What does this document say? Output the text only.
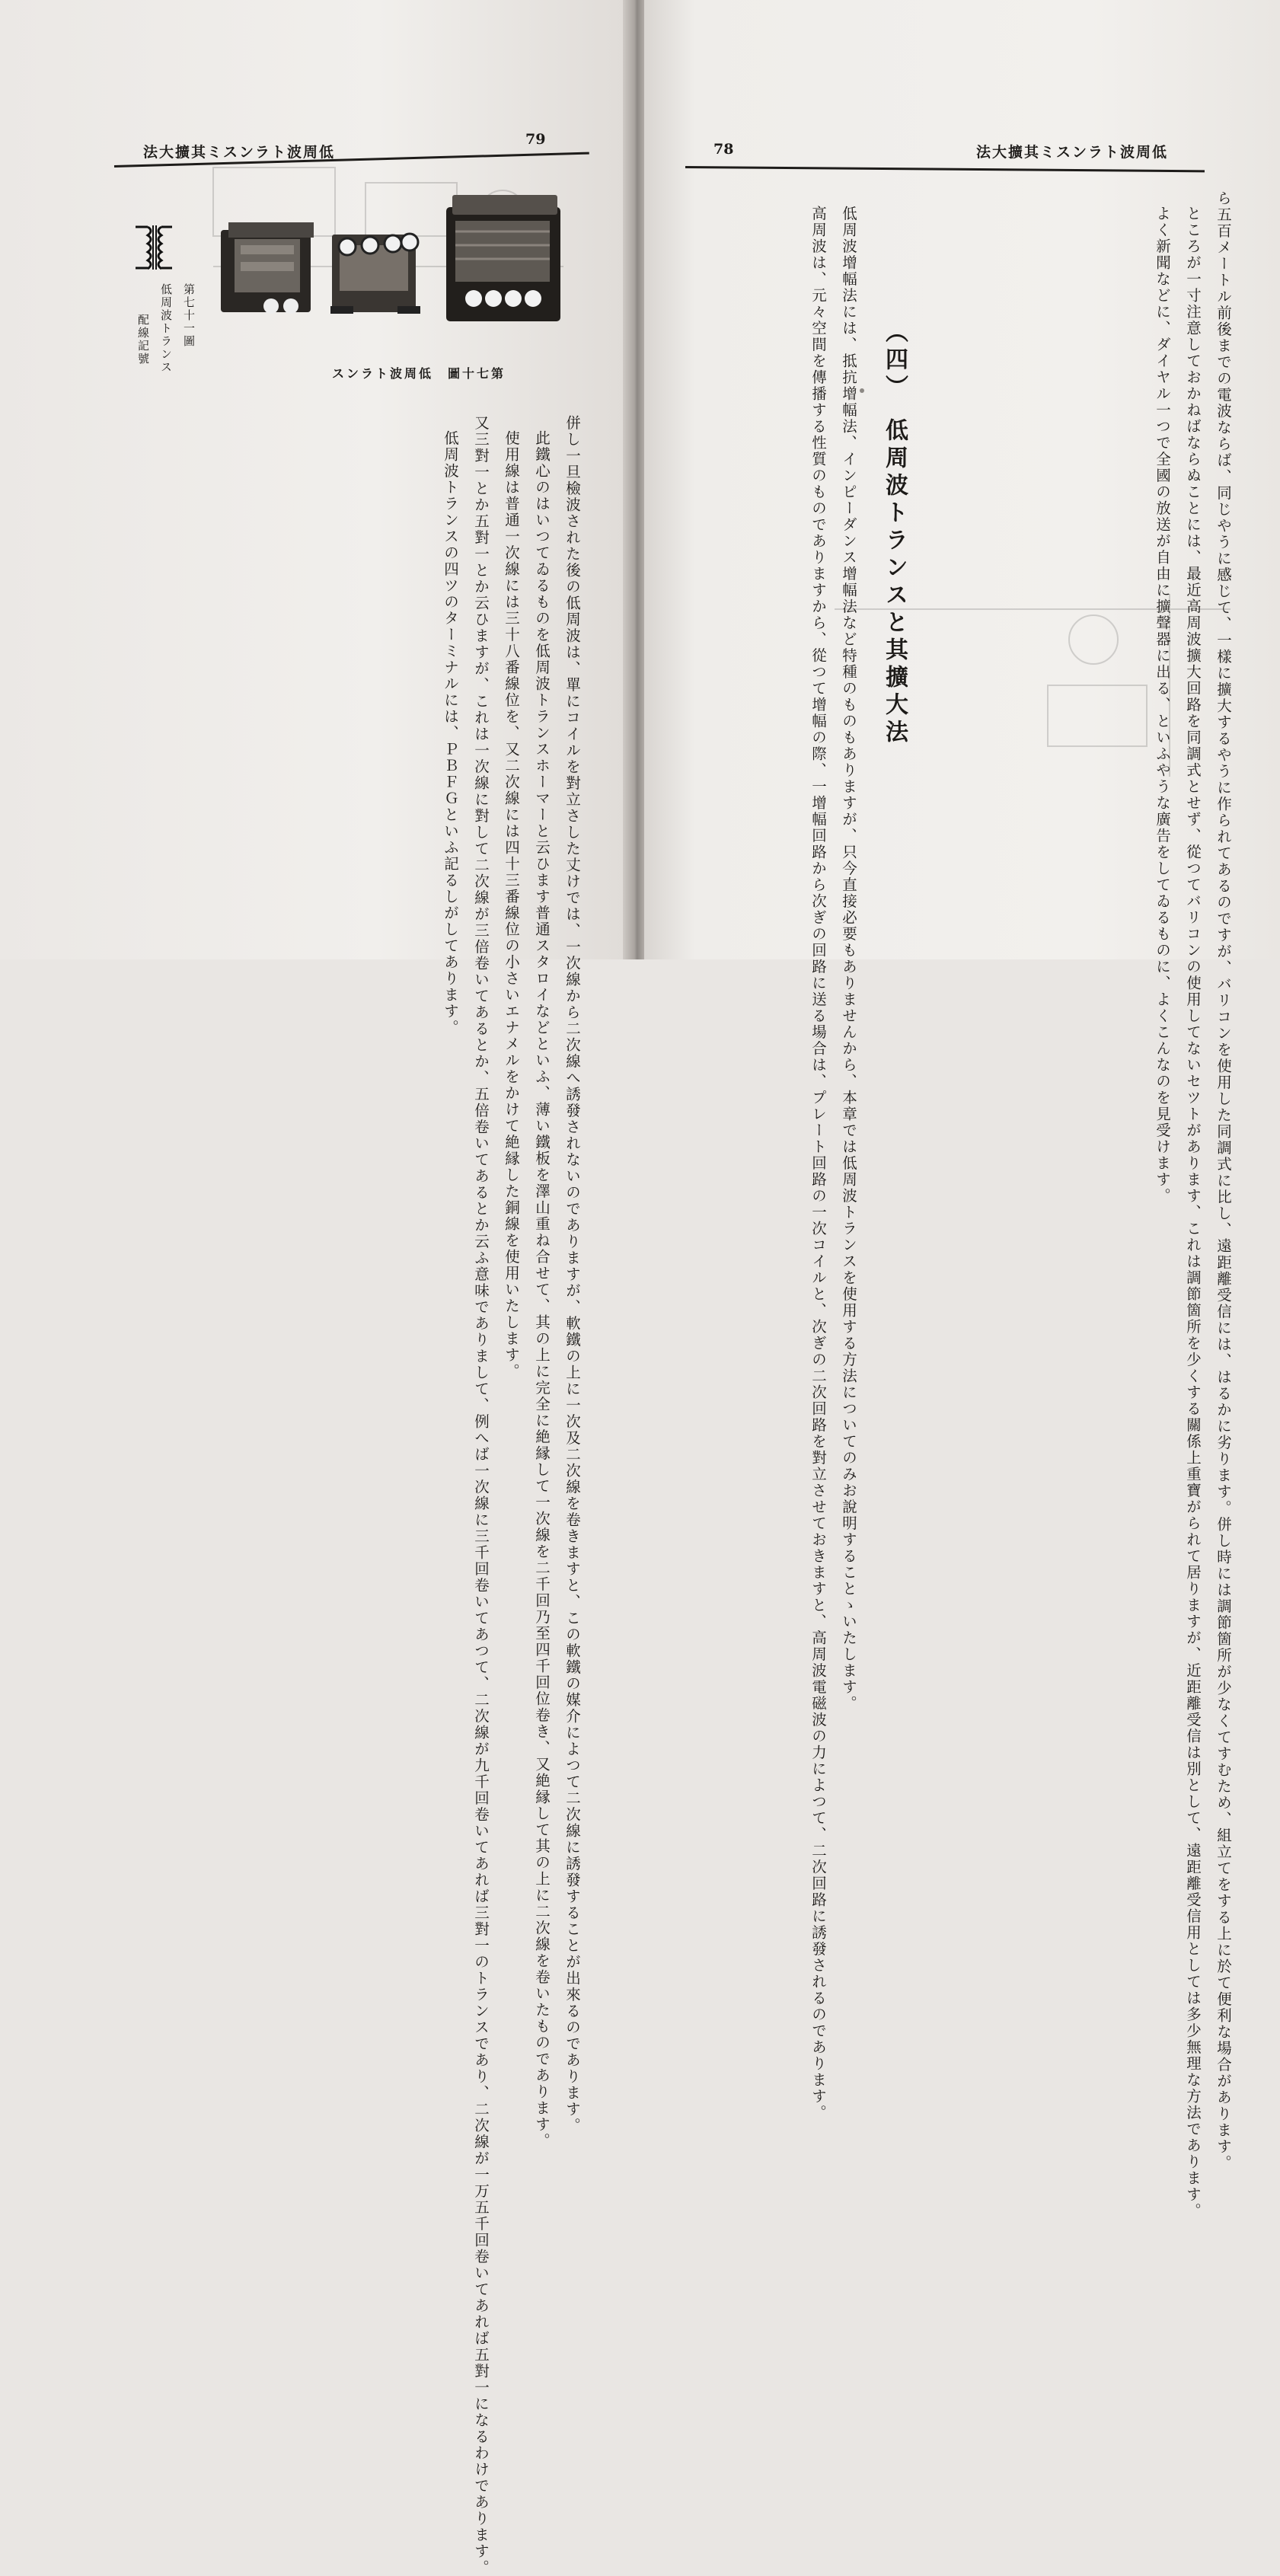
法大擴其ミスンラト波周低
79
スンラト波周低　圖十七第
第七十一圖
低周波トランス
配線記號

併し一旦檢波された後の低周波は、單にコイルを對立さした丈けでは、一次線から二次線へ誘發されないのでありますが、軟鐵の上に一次及二次線を卷きますと、この軟鐵の媒介によつて二次線に誘發することが出來るのであります。

此鐵心のはいつてゐるものを低周波トランスホーマーと云ひます普通スタロイなどといふ、薄い鐵板を澤山重ね合せて、其の上に完全に絶縁して一次線を二千回乃至四千回位卷き、又絶縁して其の上に二次線を卷いたものであります。

使用線は普通一次線には三十八番線位を、又二次線には四十三番線位の小さいエナメルをかけて絶縁した銅線を使用いたします。

又三對一とか五對一とか云ひますが、これは一次線に對して二次線が三倍卷いてあるとか、五倍卷いてあるとか云ふ意味でありまして、例へば一次線に三千回卷いてあつて、二次線が九千回卷いてあれば三對一のトランスであり、二次線が一万五千回卷いてあれば五對一になるわけであります。

低周波トランスの四ツのターミナルには、ＰＢＦＧといふ記るしがしてあります。

78	法大擴其ミスンラト波周低

ら五百メートル前後までの電波ならば、同じやうに感じて、一樣に擴大するやうに作られてあるのですが、バリコンを使用した同調式に比し、遠距離受信には、はるかに劣ります。併し時には調節箇所が少なくてすむため、組立てをする上に於て便利な場合があります。

ところが一寸注意しておかねばならぬことには、最近高周波擴大回路を同調式とせず、從つてバリコンの使用してないセツトがあります、これは調節箇所を少くする關係上重寶がられて居りますが、近距離受信は別として、遠距離受信用としては多少無理な方法であります。

よく新聞などに、ダイヤル一つで全國の放送が自由に擴聲器に出る、といふやうな廣告をしてゐるものに、よくこんなのを見受けます。

（四）　低周波トランスと其擴大法

低周波增幅法には、抵抗增幅法、インピーダンス增幅法など特種のものもありますが、只今直接必要もありませんから、本章では低周波トランスを使用する方法についてのみお說明することゝいたします。

高周波は、元々空間を傳播する性質のものでありますから、從つて增幅の際、一增幅回路から次ぎの回路に送る場合は、プレート回路の一次コイルと、次ぎの二次回路を對立させておきますと、高周波電磁波の力によつて、二次回路に誘發されるのであります。
